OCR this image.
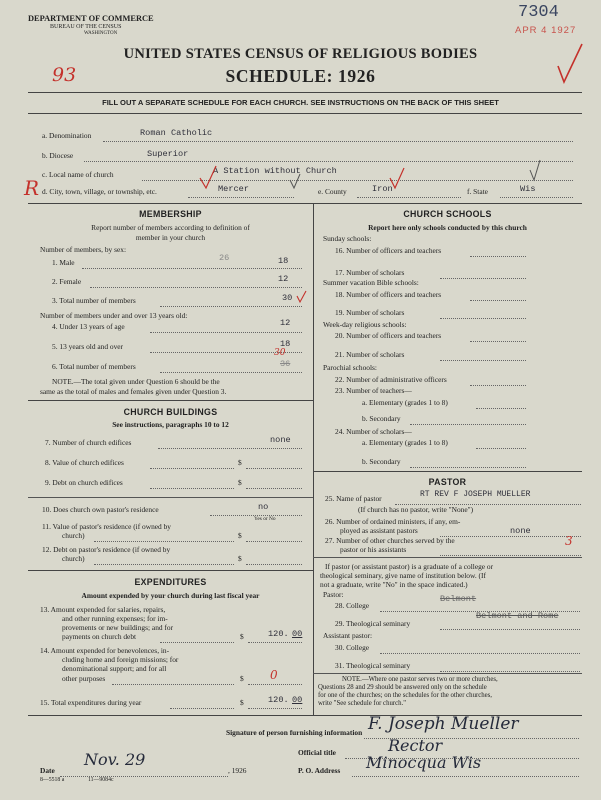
DEPARTMENT OF COMMERCE
BUREAU OF THE CENSUS
WASHINGTON
7304
APR 4 1927
UNITED STATES CENSUS OF RELIGIOUS BODIES
SCHEDULE: 1926
93
FILL OUT A SEPARATE SCHEDULE FOR EACH CHURCH. SEE INSTRUCTIONS ON THE BACK OF THIS SHEET
a. Denomination	Roman Catholic
b. Diocese	Superior
c. Local name of church	A Station without Church
d. City, town, village, or township, etc.	Mercer	e. County	Iron	f. State	Wis
R
MEMBERSHIP
Report number of members according to definition of
member in your church
Number of members, by sex:
1. Male	26	18
2. Female	12
3. Total number of members	30
Number of members under and over 13 years old:
4. Under 13 years of age	12
5. 13 years old and over	18
6. Total number of members	36
30
NOTE.—The total given under Question 6 should be the
same as the total of males and females given under Question 3.
CHURCH BUILDINGS
See instructions, paragraphs 10 to 12
7. Number of church edifices	none
8. Value of church edifices	$
9. Debt on church edifices	$
10. Does church own pastor's residence	no
Yes or No
11. Value of pastor's residence (if owned by
church)	$
12. Debt on pastor's residence (if owned by
church)	$
EXPENDITURES
Amount expended by your church during last fiscal year
13. Amount expended for salaries, repairs,
and other running expenses; for im-
provements or new buildings; and for
payments on church debt	$	120. 00
14. Amount expended for benevolences, in-
cluding home and foreign missions; for
denominational support; and for all
other purposes	$ 0
15. Total expenditures during year	$	120. 00
CHURCH SCHOOLS
Report here only schools conducted by this church
Sunday schools:
16. Number of officers and teachers
17. Number of scholars
Summer vacation Bible schools:
18. Number of officers and teachers
19. Number of scholars
Week-day religious schools:
20. Number of officers and teachers
21. Number of scholars
Parochial schools:
22. Number of administrative officers
23. Number of teachers—
a. Elementary (grades 1 to 8)
b. Secondary
24. Number of scholars—
a. Elementary (grades 1 to 8)
b. Secondary
PASTOR
25. Name of pastor	RT REV F JOSEPH MUELLER
(If church has no pastor, write "None")
26. Number of ordained ministers, if any, em-
ployed as assistant pastors	none
27. Number of other churches served by the
pastor or his assistants
3
If pastor (or assistant pastor) is a graduate of a college or
theological seminary, give name of institution below. (If
not a graduate, write "No" in the space indicated.)
Pastor:
28. College
Belmont
29. Theological seminary
Belmont and Rome
Assistant pastor:
30. College
31. Theological seminary
NOTE.—Where one pastor serves two or more churches,
Questions 28 and 29 should be answered only on the schedule
for one of the churches; on the schedules for the other churches,
write "See schedule for church."
Signature of person furnishing information F. Joseph Mueller
Official title	Rector
Date
Nov. 29
, 1926	P. O. Address Minocqua Wis
8—5518 a	11—9084c
